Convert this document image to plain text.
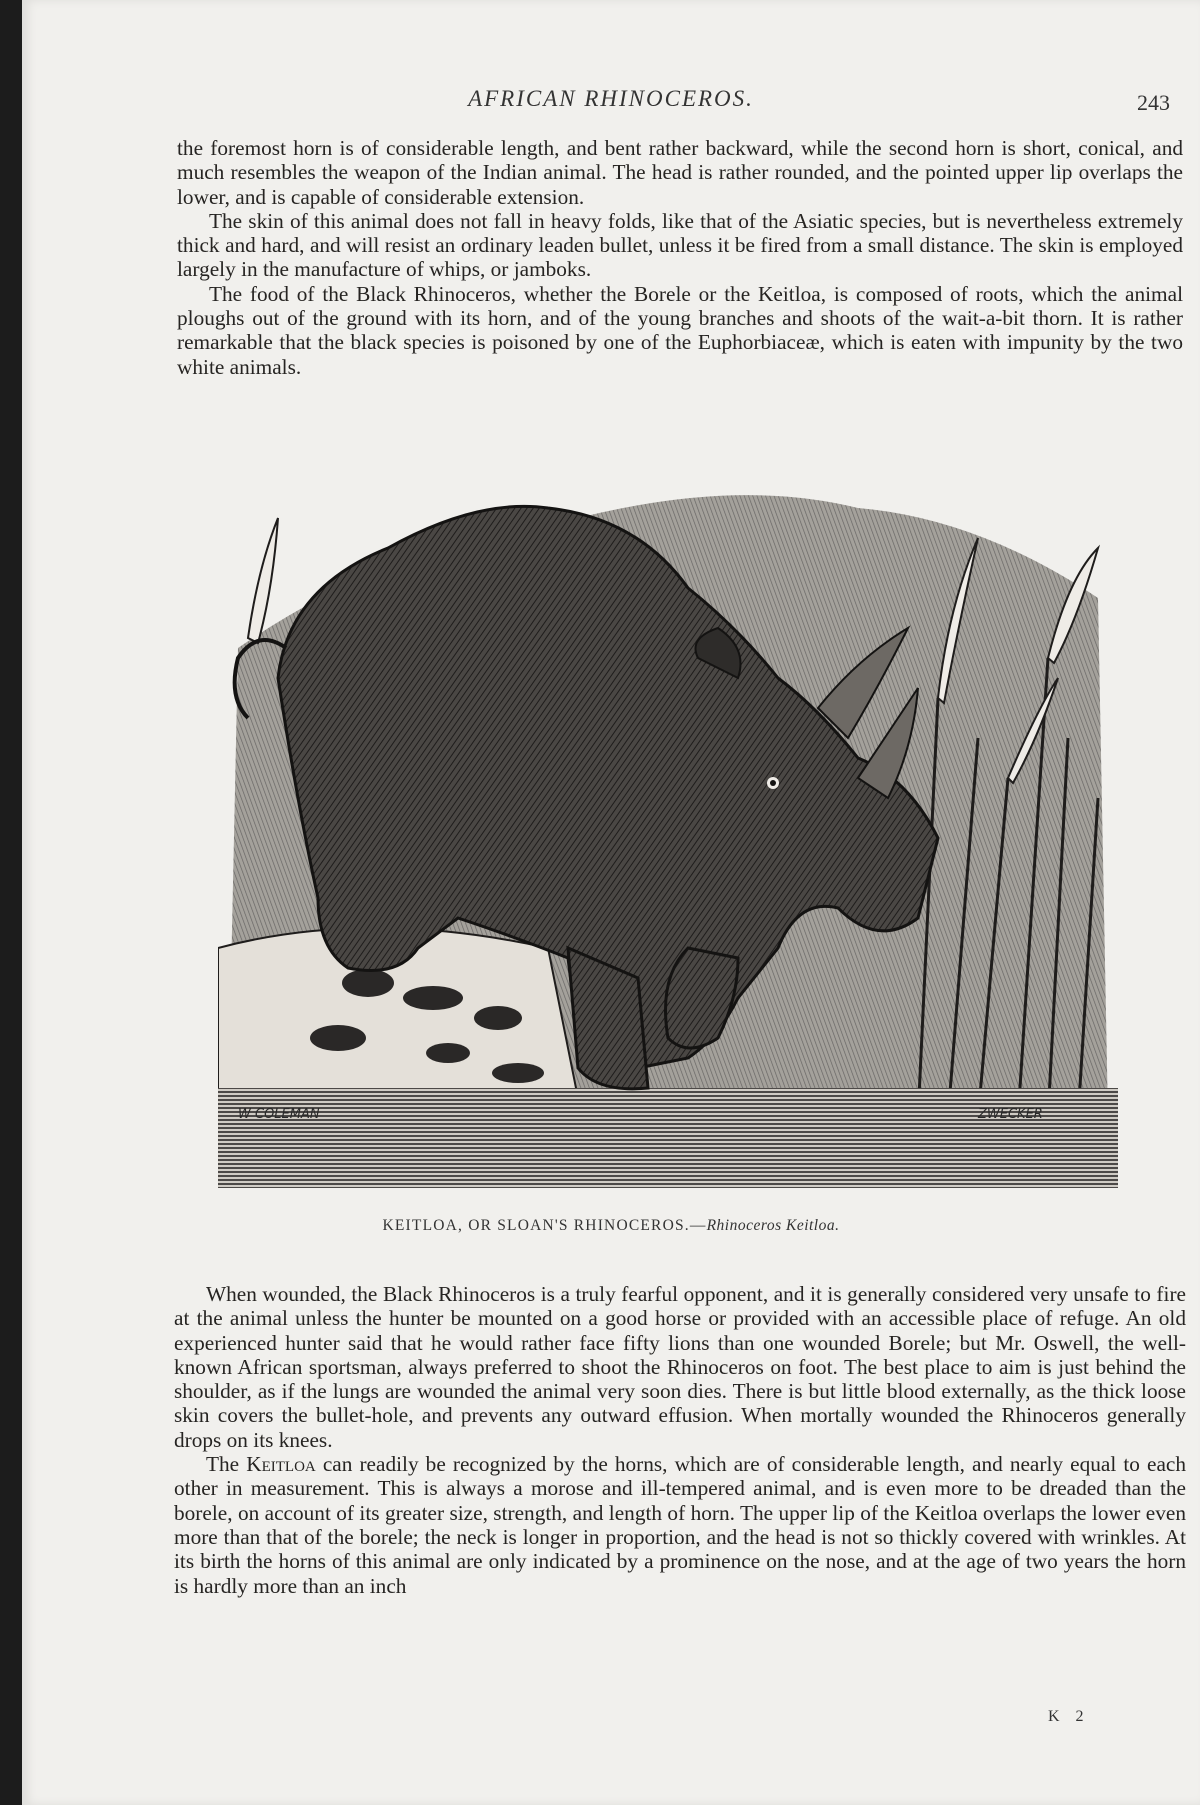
AFRICAN RHINOCEROS.	243

the foremost horn is of considerable length, and bent rather backward, while the second horn is short, conical, and much resembles the weapon of the Indian animal. The head is rather rounded, and the pointed upper lip overlaps the lower, and is capable of considerable extension.

The skin of this animal does not fall in heavy folds, like that of the Asiatic species, but is nevertheless extremely thick and hard, and will resist an ordinary leaden bullet, unless it be fired from a small distance. The skin is employed largely in the manufacture of whips, or jamboks.

The food of the Black Rhinoceros, whether the Borele or the Keitloa, is composed of roots, which the animal ploughs out of the ground with its horn, and of the young branches and shoots of the wait-a-bit thorn. It is rather remarkable that the black species is poisoned by one of the Euphorbiaceæ, which is eaten with impunity by the two white animals.

W COLEMAN	ZWECKER
KEITLOA, OR SLOAN'S RHINOCEROS.—Rhinoceros Keitloa.

When wounded, the Black Rhinoceros is a truly fearful opponent, and it is generally considered very unsafe to fire at the animal unless the hunter be mounted on a good horse or provided with an accessible place of refuge. An old experienced hunter said that he would rather face fifty lions than one wounded Borele; but Mr. Oswell, the well-known African sportsman, always preferred to shoot the Rhinoceros on foot. The best place to aim is just behind the shoulder, as if the lungs are wounded the animal very soon dies. There is but little blood externally, as the thick loose skin covers the bullet-hole, and prevents any outward effusion. When mortally wounded the Rhinoceros generally drops on its knees.

The Keitloa can readily be recognized by the horns, which are of considerable length, and nearly equal to each other in measurement. This is always a morose and ill-tempered animal, and is even more to be dreaded than the borele, on account of its greater size, strength, and length of horn. The upper lip of the Keitloa overlaps the lower even more than that of the borele; the neck is longer in proportion, and the head is not so thickly covered with wrinkles. At its birth the horns of this animal are only indicated by a prominence on the nose, and at the age of two years the horn is hardly more than an inch

K 2
